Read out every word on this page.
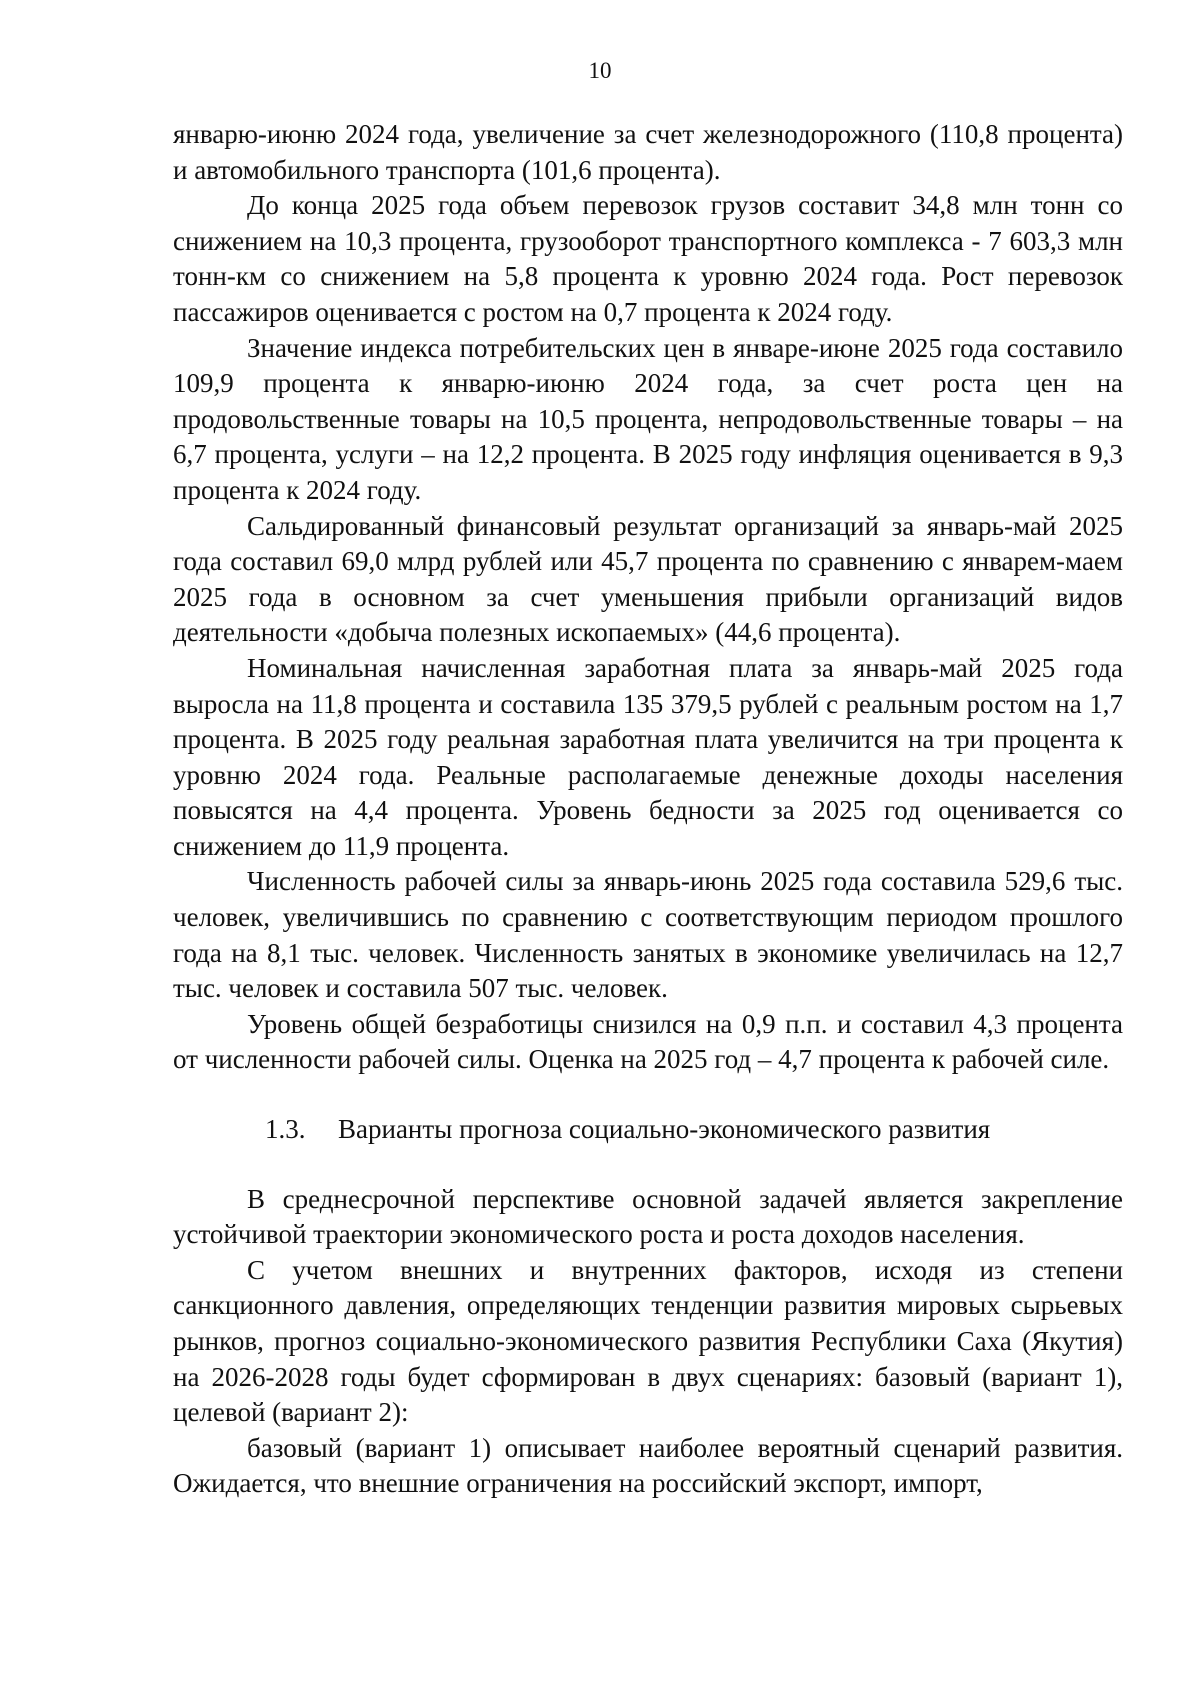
10

январю-июню 2024 года, увеличение за счет железнодорожного (110,8 процента) и автомобильного транспорта (101,6 процента).

До конца 2025 года объем перевозок грузов составит 34,8 млн тонн со снижением на 10,3 процента, грузооборот транспортного комплекса - 7 603,3 млн тонн-км со снижением на 5,8 процента к уровню 2024 года. Рост перевозок пассажиров оценивается с ростом на 0,7 процента к 2024 году.

Значение индекса потребительских цен в январе-июне 2025 года составило 109,9 процента к январю-июню 2024 года, за счет роста цен на продовольственные товары на 10,5 процента, непродовольственные товары – на 6,7 процента, услуги – на 12,2 процента. В 2025 году инфляция оценивается в 9,3 процента к 2024 году.

Сальдированный финансовый результат организаций за январь-май 2025 года составил 69,0 млрд рублей или 45,7 процента по сравнению с январем-маем 2025 года в основном за счет уменьшения прибыли организаций видов деятельности «добыча полезных ископаемых» (44,6 процента).

Номинальная начисленная заработная плата за январь-май 2025 года выросла на 11,8 процента и составила 135 379,5 рублей с реальным ростом на 1,7 процента. В 2025 году реальная заработная плата увеличится на три процента к уровню 2024 года. Реальные располагаемые денежные доходы населения повысятся на 4,4 процента. Уровень бедности за 2025 год оценивается со снижением до 11,9 процента.

Численность рабочей силы за январь-июнь 2025 года составила 529,6 тыс. человек, увеличившись по сравнению с соответствующим периодом прошлого года на 8,1 тыс. человек. Численность занятых в экономике увеличилась на 12,7 тыс. человек и составила 507 тыс. человек.

Уровень общей безработицы снизился на 0,9 п.п. и составил 4,3 процента от численности рабочей силы. Оценка на 2025 год – 4,7 процента к рабочей силе.

1.3. Варианты прогноза социально-экономического развития

В среднесрочной перспективе основной задачей является закрепление устойчивой траектории экономического роста и роста доходов населения.

С учетом внешних и внутренних факторов, исходя из степени санкционного давления, определяющих тенденции развития мировых сырьевых рынков, прогноз социально-экономического развития Республики Саха (Якутия) на 2026-2028 годы будет сформирован в двух сценариях: базовый (вариант 1), целевой (вариант 2):

базовый (вариант 1) описывает наиболее вероятный сценарий развития. Ожидается, что внешние ограничения на российский экспорт, импорт,
